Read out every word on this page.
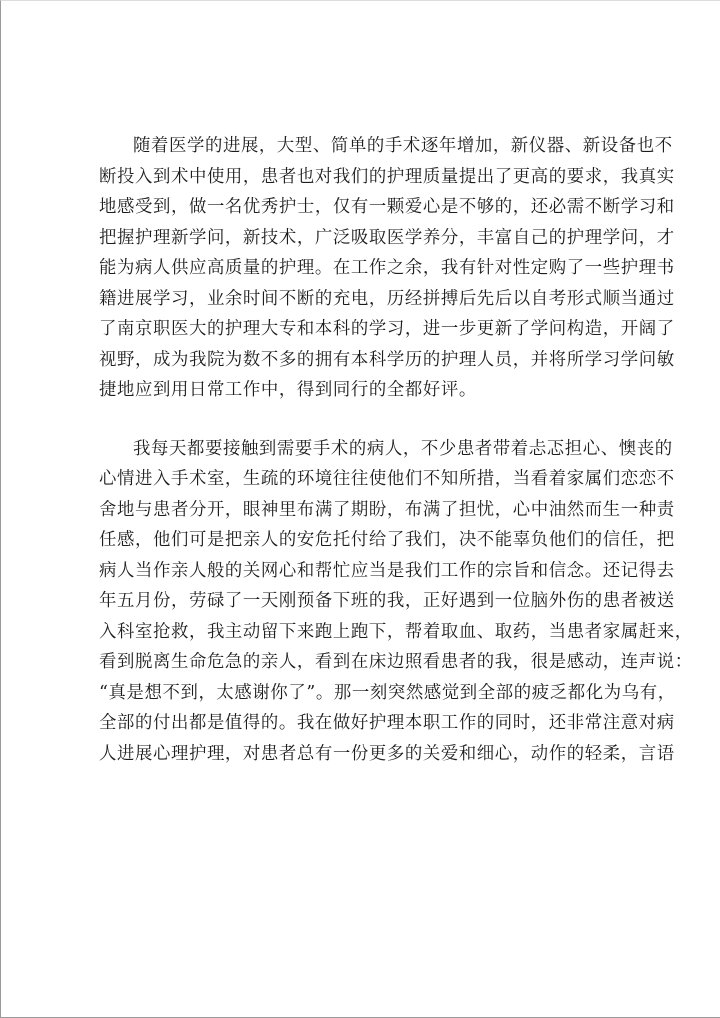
随着医学的进展，大型、简单的手术逐年增加，新仪器、新设备也不
断投入到术中使用，患者也对我们的护理质量提出了更高的要求，我真实
地感受到，做一名优秀护士，仅有一颗爱心是不够的，还必需不断学习和
把握护理新学问，新技术，广泛吸取医学养分，丰富自己的护理学问，才
能为病人供应高质量的护理。在工作之余，我有针对性定购了一些护理书
籍进展学习，业余时间不断的充电，历经拼搏后先后以自考形式顺当通过
了南京职医大的护理大专和本科的学习，进一步更新了学问构造，开阔了
视野，成为我院为数不多的拥有本科学历的护理人员，并将所学习学问敏
捷地应到用日常工作中，得到同行的全都好评。
我每天都要接触到需要手术的病人，不少患者带着忐忑担心、懊丧的
心情进入手术室，生疏的环境往往使他们不知所措，当看着家属们恋恋不
舍地与患者分开，眼神里布满了期盼，布满了担忧，心中油然而生一种责
任感，他们可是把亲人的安危托付给了我们，决不能辜负他们的信任，把
病人当作亲人般的关网心和帮忙应当是我们工作的宗旨和信念。还记得去
年五月份，劳碌了一天刚预备下班的我，正好遇到一位脑外伤的患者被送
入科室抢救，我主动留下来跑上跑下，帮着取血、取药，当患者家属赶来，
看到脱离生命危急的亲人，看到在床边照看患者的我，很是感动，连声说：
“真是想不到，太感谢你了”。那一刻突然感觉到全部的疲乏都化为乌有，
全部的付出都是值得的。我在做好护理本职工作的同时，还非常注意对病
人进展心理护理，对患者总有一份更多的关爱和细心，动作的轻柔，言语
